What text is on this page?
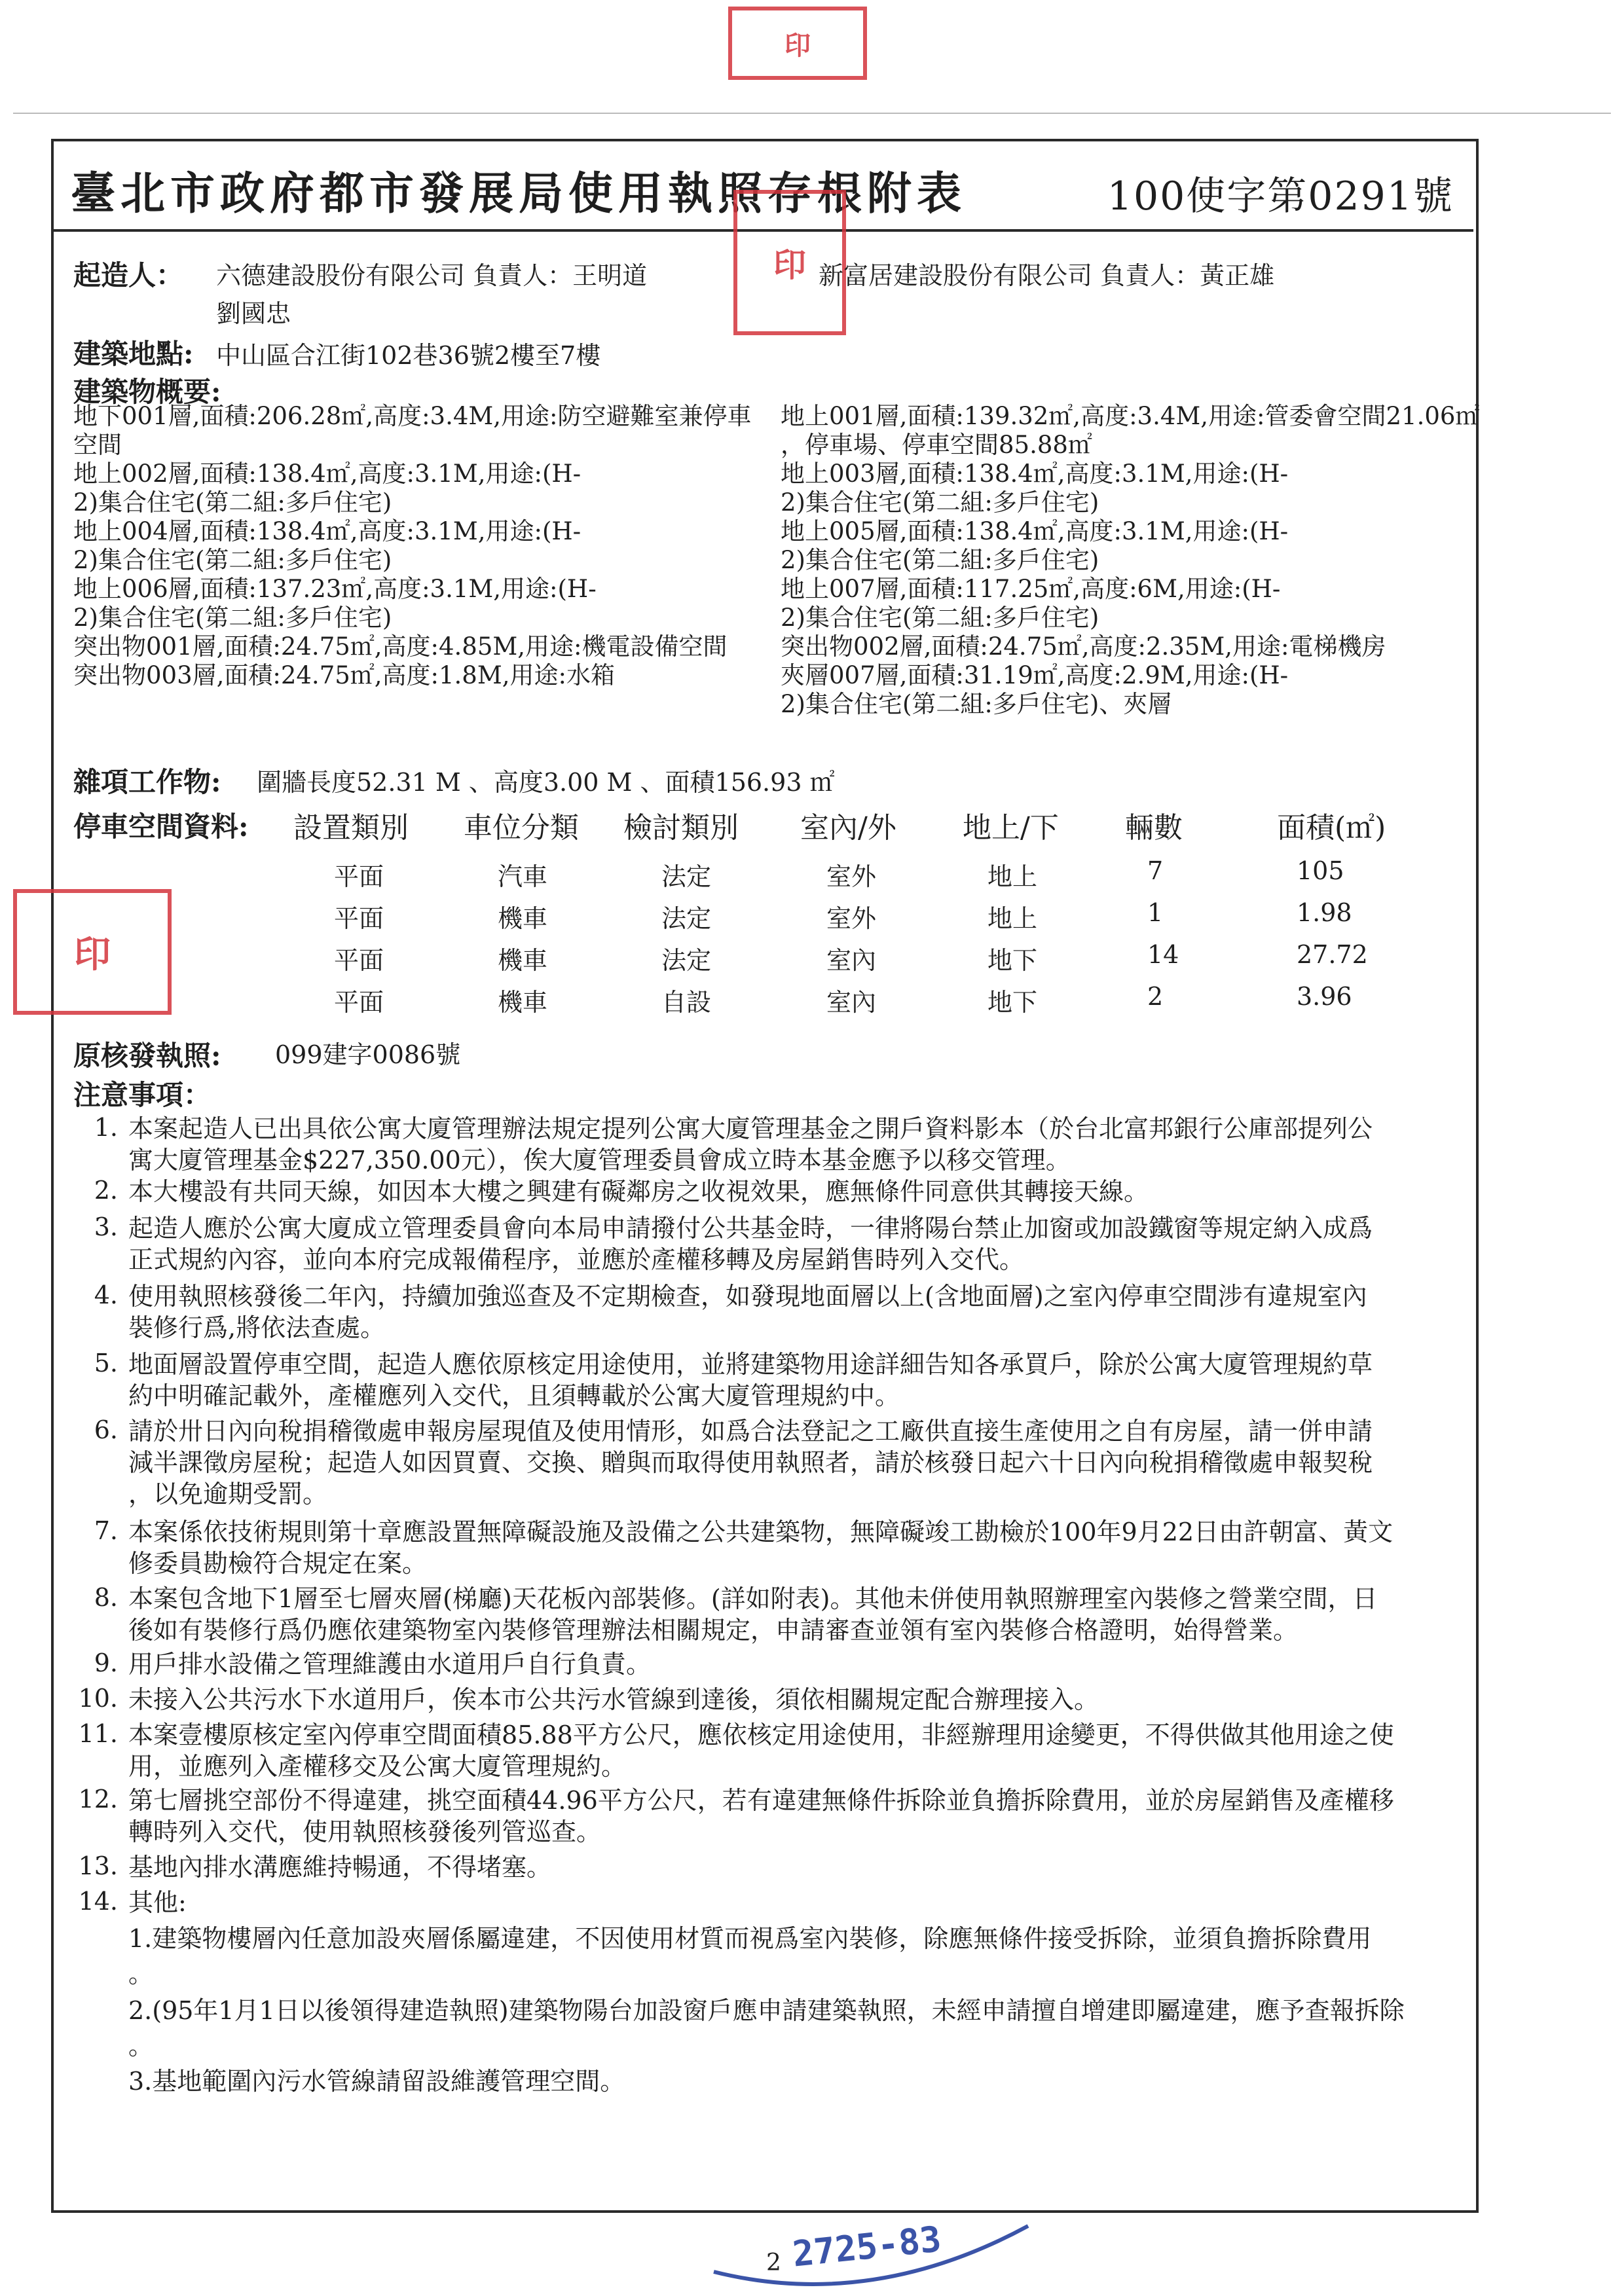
印
臺北市政府都市發展局使用執照存根附表	100使字第0291號
印
起造人： 六德建設股份有限公司 負責人：王明道
劉國忠
新富居建設股份有限公司 負責人：黃正雄
建築地點: 中山區合江街102巷36號2樓至7樓
建築物概要:
地下001層,面積:206.28㎡,高度:3.4M,用途:防空避難室兼停車
空間
地上002層,面積:138.4㎡,高度:3.1M,用途:(H-
2)集合住宅(第二組:多戶住宅)
地上004層,面積:138.4㎡,高度:3.1M,用途:(H-
2)集合住宅(第二組:多戶住宅)
地上006層,面積:137.23㎡,高度:3.1M,用途:(H-
2)集合住宅(第二組:多戶住宅)
突出物001層,面積:24.75㎡,高度:4.85M,用途:機電設備空間
突出物003層,面積:24.75㎡,高度:1.8M,用途:水箱
地上001層,面積:139.32㎡,高度:3.4M,用途:管委會空間21.06㎡
，停車場、停車空間85.88㎡
地上003層,面積:138.4㎡,高度:3.1M,用途:(H-
2)集合住宅(第二組:多戶住宅)
地上005層,面積:138.4㎡,高度:3.1M,用途:(H-
2)集合住宅(第二組:多戶住宅)
地上007層,面積:117.25㎡,高度:6M,用途:(H-
2)集合住宅(第二組:多戶住宅)
突出物002層,面積:24.75㎡,高度:2.35M,用途:電梯機房
夾層007層,面積:31.19㎡,高度:2.9M,用途:(H-
2)集合住宅(第二組:多戶住宅)、夾層
雜項工作物: 圍牆長度52.31 M 、高度3.00 M 、面積156.93 ㎡
停車空間資料: 設置類別 車位分類 檢討類別 室內/外 地上/下 輛數	面積(㎡)
平面	汽車	法定	室外	地上	7	105
平面	機車	法定	室外	地上	1	1.98
平面	機車	法定	室內	地下	14	27.72
平面	機車	自設	室內	地下	2	3.96
印
原核發執照: 099建字0086號
注意事項：
1. 本案起造人已出具依公寓大廈管理辦法規定提列公寓大廈管理基金之開戶資料影本（於台北富邦銀行公庫部提列公
寓大廈管理基金$227,350.00元），俟大廈管理委員會成立時本基金應予以移交管理。
2. 本大樓設有共同天線，如因本大樓之興建有礙鄰房之收視效果，應無條件同意供其轉接天線。
3. 起造人應於公寓大廈成立管理委員會向本局申請撥付公共基金時，一律將陽台禁止加窗或加設鐵窗等規定納入成爲
正式規約內容，並向本府完成報備程序，並應於產權移轉及房屋銷售時列入交代。
4. 使用執照核發後二年內，持續加強巡查及不定期檢查，如發現地面層以上(含地面層)之室內停車空間涉有違規室內
裝修行爲,將依法查處。
5. 地面層設置停車空間，起造人應依原核定用途使用，並將建築物用途詳細告知各承買戶，除於公寓大廈管理規約草
約中明確記載外，產權應列入交代，且須轉載於公寓大廈管理規約中。
6. 請於卅日內向稅捐稽徵處申報房屋現值及使用情形，如爲合法登記之工廠供直接生產使用之自有房屋，請一併申請
減半課徵房屋稅；起造人如因買賣、交換、贈與而取得使用執照者，請於核發日起六十日內向稅捐稽徵處申報契稅
，以免逾期受罰。
7. 本案係依技術規則第十章應設置無障礙設施及設備之公共建築物，無障礙竣工勘檢於100年9月22日由許朝富、黃文
修委員勘檢符合規定在案。
8. 本案包含地下1層至七層夾層(梯廳)天花板內部裝修。(詳如附表)。其他未併使用執照辦理室內裝修之營業空間，日
後如有裝修行爲仍應依建築物室內裝修管理辦法相關規定，申請審查並領有室內裝修合格證明，始得營業。
9. 用戶排水設備之管理維護由水道用戶自行負責。
10. 未接入公共污水下水道用戶，俟本市公共污水管線到達後，須依相關規定配合辦理接入。
11. 本案壹樓原核定室內停車空間面積85.88平方公尺，應依核定用途使用，非經辦理用途變更，不得供做其他用途之使
用，並應列入產權移交及公寓大廈管理規約。
12. 第七層挑空部份不得違建，挑空面積44.96平方公尺，若有違建無條件拆除並負擔拆除費用，並於房屋銷售及產權移
轉時列入交代，使用執照核發後列管巡查。
13. 基地內排水溝應維持暢通，不得堵塞。
14. 其他:
1.建築物樓層內任意加設夾層係屬違建，不因使用材質而視爲室內裝修，除應無條件接受拆除，並須負擔拆除費用
。
2.(95年1月1日以後領得建造執照)建築物陽台加設窗戶應申請建築執照，未經申請擅自增建即屬違建，應予查報拆除
。
3.基地範圍內污水管線請留設維護管理空間。
2 2725-83
